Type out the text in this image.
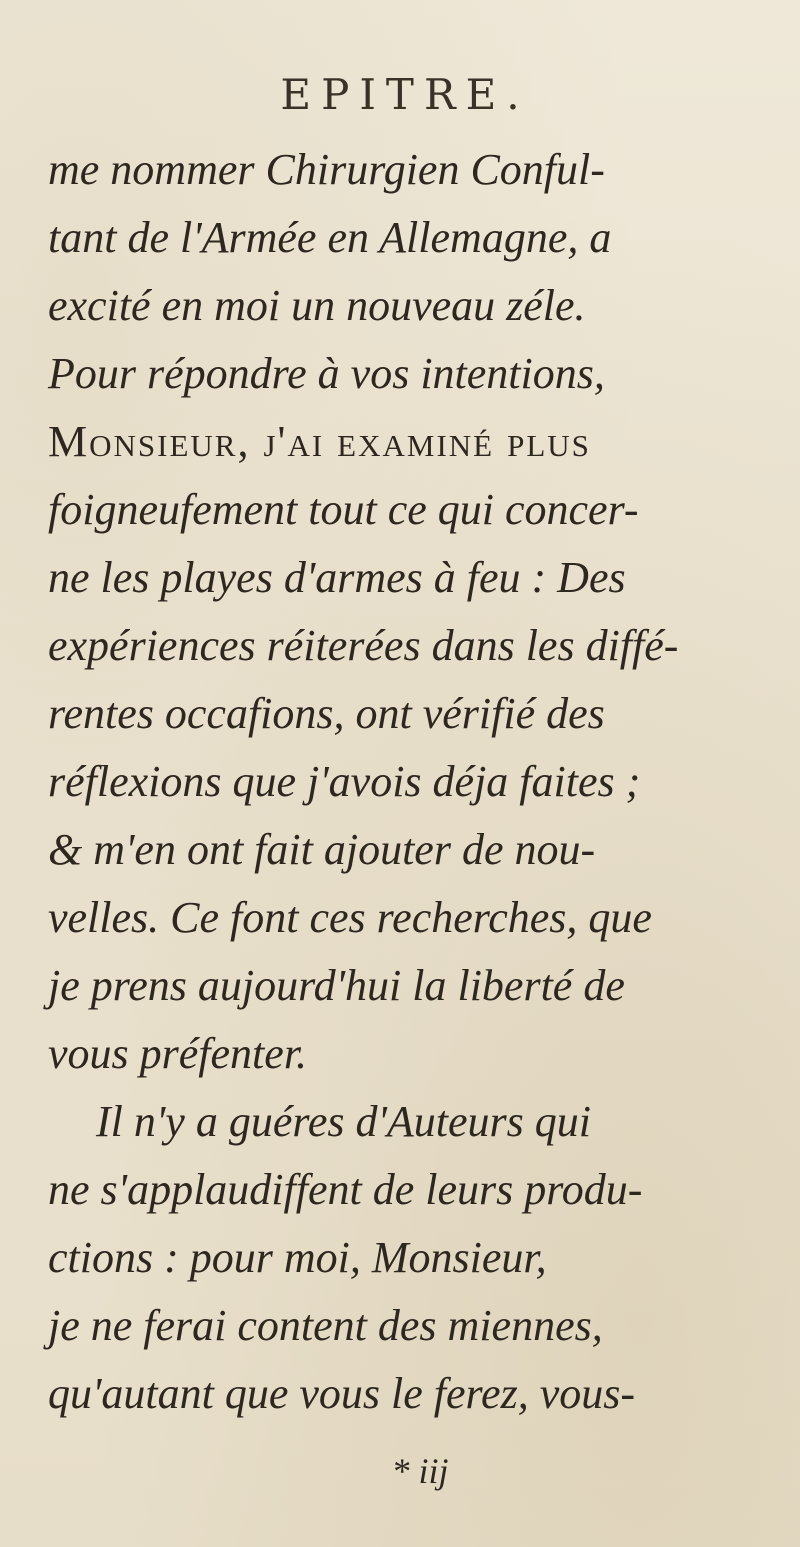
EPITRE.
me nommer Chirurgien Conful-
tant de l'Armée en Allemagne, a
excité en moi un nouveau zéle.
Pour répondre à vos intentions,
Monsieur, j'ai examiné plus
foigneufement tout ce qui concer-
ne les playes d'armes à feu : Des
expériences réiterées dans les diffé-
rentes occafions, ont vérifié des
réflexions que j'avois déja faites ;
& m'en ont fait ajouter de nou-
velles. Ce font ces recherches, que
je prens aujourd'hui la liberté de
vous préfenter.
Il n'y a guéres d'Auteurs qui
ne s'applaudiffent de leurs produ-
ctions : pour moi, Monsieur,
je ne ferai content des miennes,
qu'autant que vous le ferez, vous-
* iij
